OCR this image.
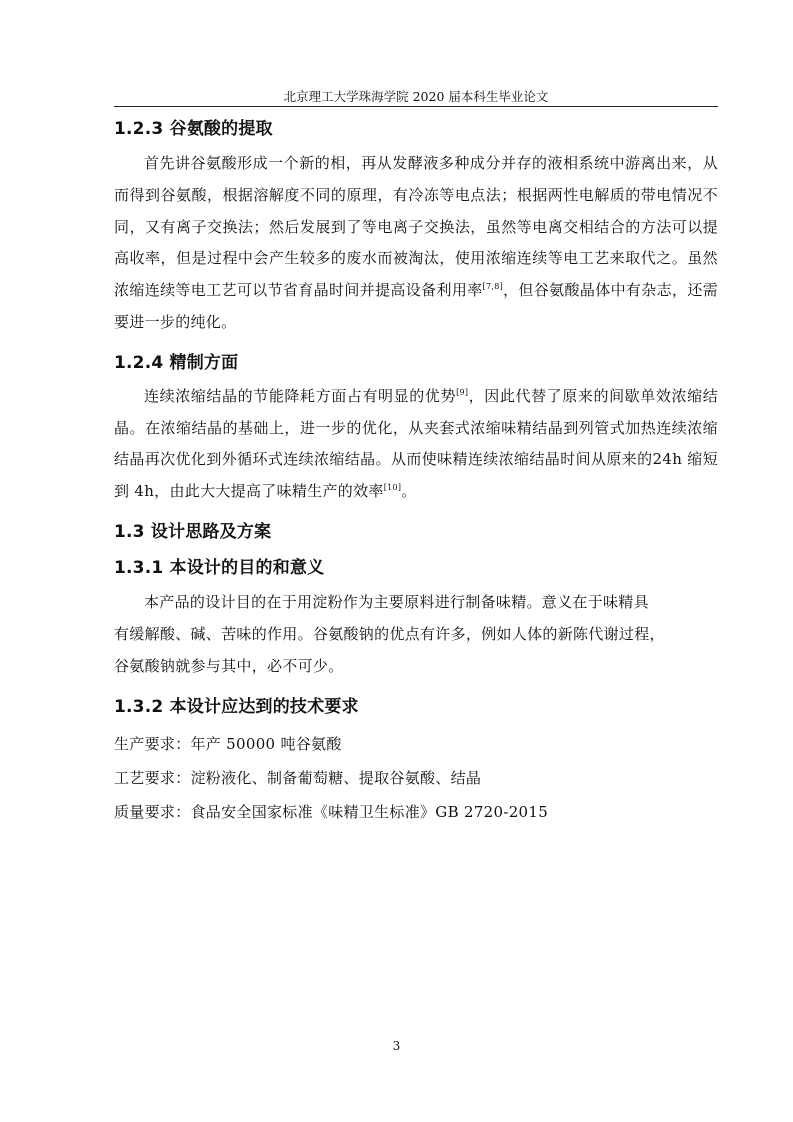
北京理工大学珠海学院 2020 届本科生毕业论文
1.2.3 谷氨酸的提取

首先讲谷氨酸形成一个新的相，再从发酵液多种成分并存的液相系统中游离出来，从而得到谷氨酸，根据溶解度不同的原理，有冷冻等电点法；根据两性电解质的带电情况不同，又有离子交换法；然后发展到了等电离子交换法，虽然等电离交相结合的方法可以提高收率，但是过程中会产生较多的废水而被淘汰，使用浓缩连续等电工艺来取代之。虽然浓缩连续等电工艺可以节省育晶时间并提高设备利用率[7,8]，但谷氨酸晶体中有杂志，还需要进一步的纯化。

1.2.4 精制方面

连续浓缩结晶的节能降耗方面占有明显的优势[9]，因此代替了原来的间歇单效浓缩结晶。在浓缩结晶的基础上，进一步的优化，从夹套式浓缩味精结晶到列管式加热连续浓缩结晶再次优化到外循环式连续浓缩结晶。从而使味精连续浓缩结晶时间从原来的24h 缩短到 4h，由此大大提高了味精生产的效率[10]。

1.3 设计思路及方案
1.3.1 本设计的目的和意义

本产品的设计目的在于用淀粉作为主要原料进行制备味精。意义在于味精具
有缓解酸、碱、苦味的作用。谷氨酸钠的优点有许多，例如人体的新陈代谢过程，
谷氨酸钠就参与其中，必不可少。

1.3.2 本设计应达到的技术要求

生产要求：年产 50000 吨谷氨酸

工艺要求：淀粉液化、制备葡萄糖、提取谷氨酸、结晶

质量要求：食品安全国家标准《味精卫生标准》GB 2720-2015

3
